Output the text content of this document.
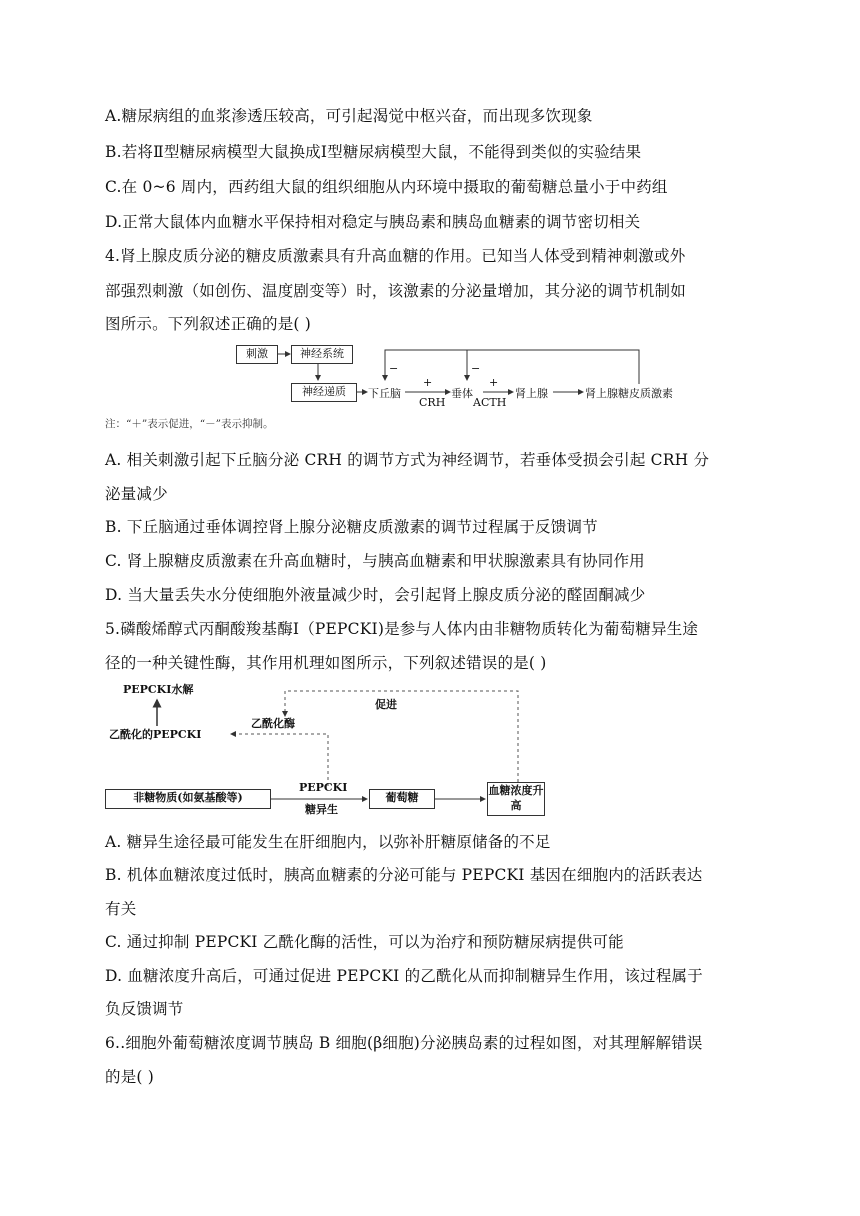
A.糖尿病组的血浆渗透压较高，可引起渴觉中枢兴奋，而出现多饮现象
B.若将Ⅱ型糖尿病模型大鼠换成Ⅰ型糖尿病模型大鼠，不能得到类似的实验结果
C.在 0~6 周内，西药组大鼠的组织细胞从内环境中摄取的葡萄糖总量小于中药组
D.正常大鼠体内血糖水平保持相对稳定与胰岛素和胰岛血糖素的调节密切相关
4.肾上腺皮质分泌的糖皮质激素具有升高血糖的作用。已知当人体受到精神刺激或外
部强烈刺激（如创伤、温度剧变等）时，该激素的分泌量增加，其分泌的调节机制如
图所示。下列叙述正确的是( )
刺激	神经系统
神经递质	下丘脑	垂体	肾上腺	肾上腺糖皮质激素
CRH	ACTH
+	+
−	−
注：“＋”表示促进，“－”表示抑制。
A. 相关刺激引起下丘脑分泌 CRH 的调节方式为神经调节，若垂体受损会引起 CRH 分
泌量减少
B. 下丘脑通过垂体调控肾上腺分泌糖皮质激素的调节过程属于反馈调节
C. 肾上腺糖皮质激素在升高血糖时，与胰高血糖素和甲状腺激素具有协同作用
D. 当大量丢失水分使细胞外液量减少时，会引起肾上腺皮质分泌的醛固酮减少
5.磷酸烯醇式丙酮酸羧基酶Ⅰ（PEPCKI)是参与人体内由非糖物质转化为葡萄糖异生途
径的一种关键性酶，其作用机理如图所示，下列叙述错误的是( )
PEPCKI水解
乙酰化的PEPCKI
乙酰化酶
促进
非糖物质(如氨基酸等)
PEPCKI
糖异生
葡萄糖
血糖浓度升高
A. 糖异生途径最可能发生在肝细胞内，以弥补肝糖原储备的不足
B. 机体血糖浓度过低时，胰高血糖素的分泌可能与 PEPCKI 基因在细胞内的活跃表达
有关
C. 通过抑制 PEPCKI 乙酰化酶的活性，可以为治疗和预防糖尿病提供可能
D. 血糖浓度升高后，可通过促进 PEPCKI 的乙酰化从而抑制糖异生作用，该过程属于
负反馈调节
6..细胞外葡萄糖浓度调节胰岛 B 细胞(β细胞)分泌胰岛素的过程如图，对其理解解错误
的是( )
